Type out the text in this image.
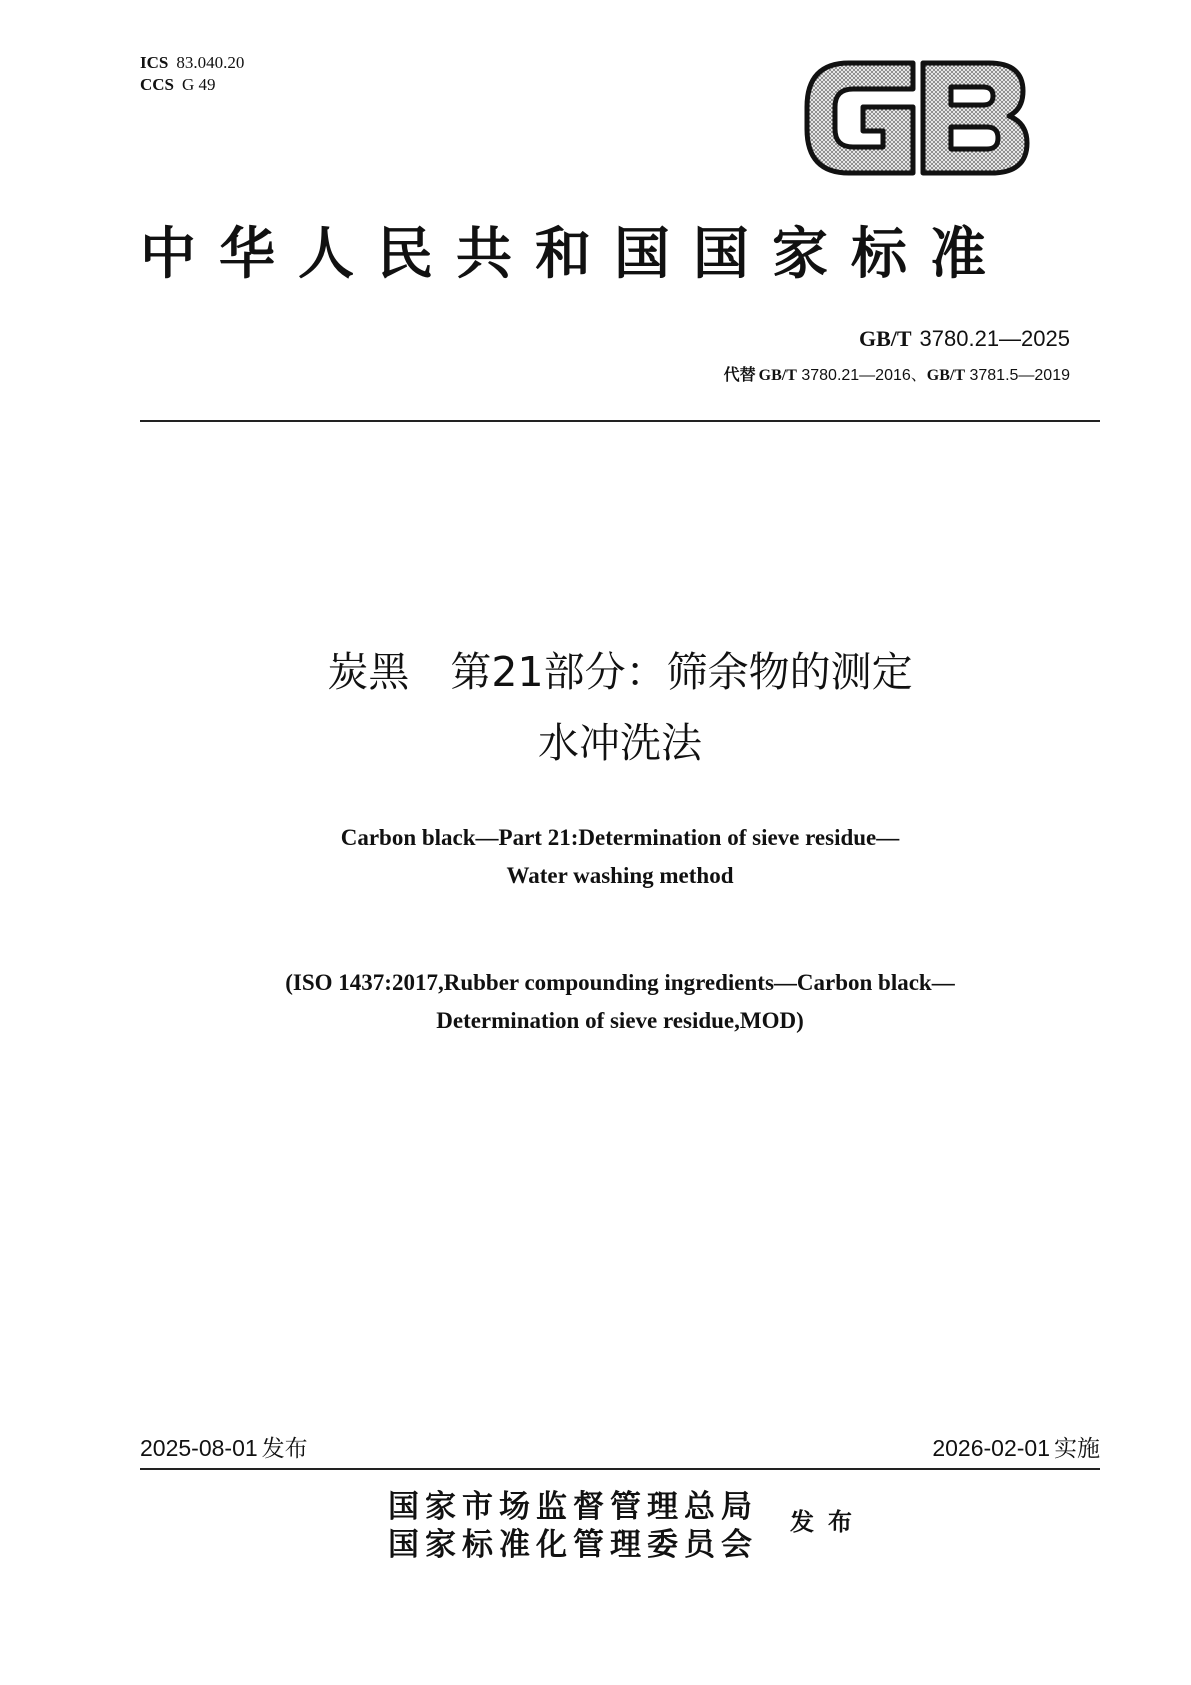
ICS 83.040.20
CCS G 49
中华人民共和国国家标准
GB/T 3780.21—2025
代替 GB/T 3780.21—2016、GB/T 3781.5—2019
炭黑　第21部分：筛余物的测定
水冲洗法
Carbon black—Part 21:Determination of sieve residue—
Water washing method
(ISO 1437:2017,Rubber compounding ingredients—Carbon black—
Determination of sieve residue,MOD)
2025-08-01 发布	2026-02-01 实施
国家市场监督管理总局
国家标准化管理委员会
发布
